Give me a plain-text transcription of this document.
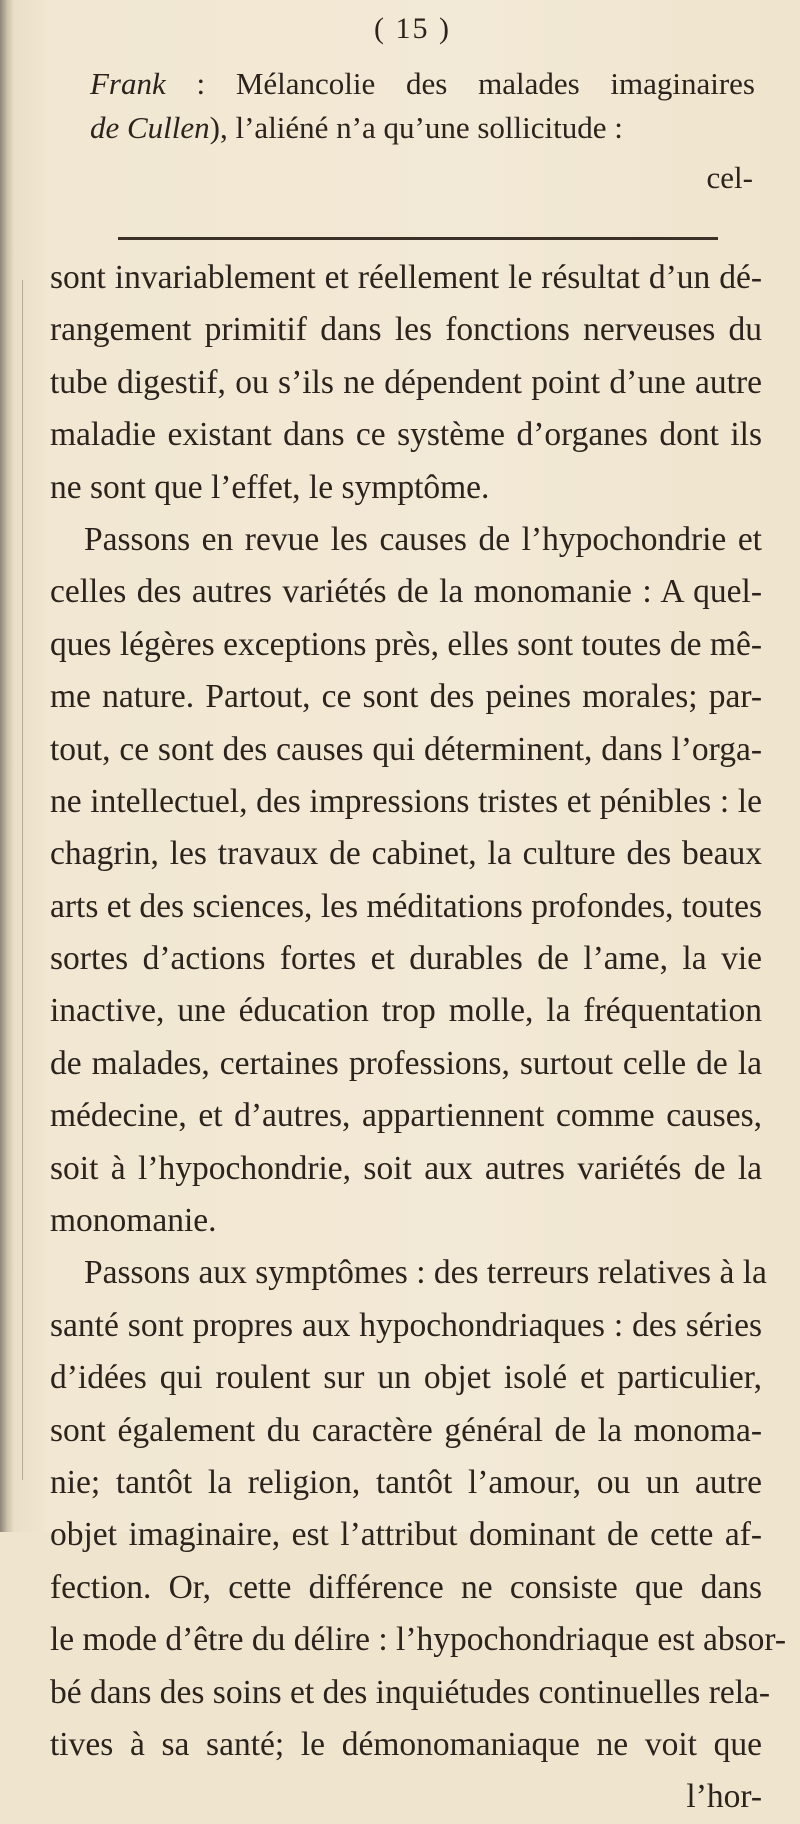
( 15 )
Frank : Mélancolie des malades imaginaires
de Cullen), l’aliéné n’a qu’une sollicitude :
cel-
sont invariablement et réellement le résultat d’un dé-
rangement primitif dans les fonctions nerveuses du
tube digestif, ou s’ils ne dépendent point d’une autre
maladie existant dans ce système d’organes dont ils
ne sont que l’effet, le symptôme.
Passons en revue les causes de l’hypochondrie et
celles des autres variétés de la monomanie : A quel-
ques légères exceptions près, elles sont toutes de mê-
me nature. Partout, ce sont des peines morales; par-
tout, ce sont des causes qui déterminent, dans l’orga-
ne intellectuel, des impressions tristes et pénibles : le
chagrin, les travaux de cabinet, la culture des beaux
arts et des sciences, les méditations profondes, toutes
sortes d’actions fortes et durables de l’ame, la vie
inactive, une éducation trop molle, la fréquentation
de malades, certaines professions, surtout celle de la
médecine, et d’autres, appartiennent comme causes,
soit à l’hypochondrie, soit aux autres variétés de la
monomanie.
Passons aux symptômes : des terreurs relatives à la
santé sont propres aux hypochondriaques : des séries
d’idées qui roulent sur un objet isolé et particulier,
sont également du caractère général de la monoma-
nie; tantôt la religion, tantôt l’amour, ou un autre
objet imaginaire, est l’attribut dominant de cette af-
fection. Or, cette différence ne consiste que dans
le mode d’être du délire : l’hypochondriaque est absor-
bé dans des soins et des inquiétudes continuelles rela-
tives à sa santé; le démonomaniaque ne voit que
l’hor-
